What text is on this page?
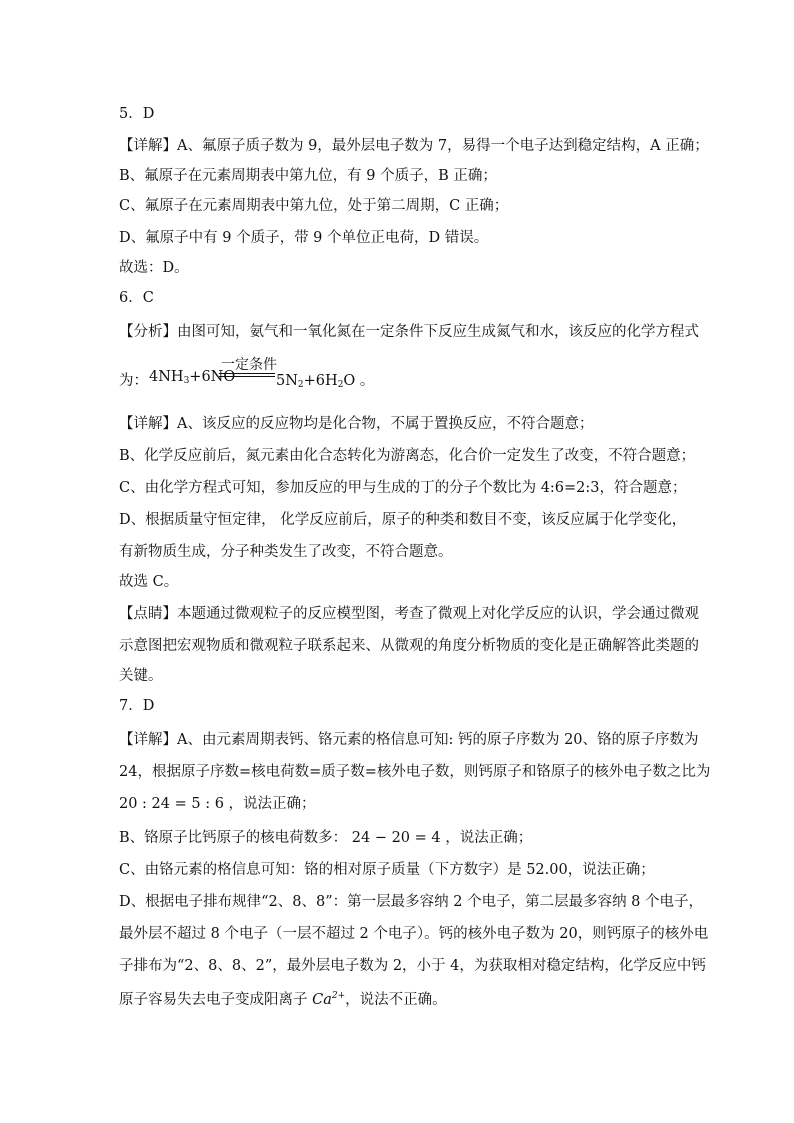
5．D
【详解】A、氟原子质子数为 9，最外层电子数为 7，易得一个电子达到稳定结构，A 正确；
B、氟原子在元素周期表中第九位，有 9 个质子，B 正确；
C、氟原子在元素周期表中第九位，处于第二周期，C 正确；
D、氟原子中有 9 个质子，带 9 个单位正电荷，D 错误。
故选：D。
6．C
【分析】由图可知，氨气和一氧化氮在一定条件下反应生成氮气和水，该反应的化学方程式
【详解】A、该反应的反应物均是化合物，不属于置换反应，不符合题意；
B、化学反应前后，氮元素由化合态转化为游离态，化合价一定发生了改变，不符合题意；
C、由化学方程式可知，参加反应的甲与生成的丁的分子个数比为 4:6=2:3，符合题意；
D、根据质量守恒定律， 化学反应前后，原子的种类和数目不变，该反应属于化学变化，
有新物质生成，分子种类发生了改变，不符合题意。
故选 C。
【点睛】本题通过微观粒子的反应模型图，考查了微观上对化学反应的认识，学会通过微观
示意图把宏观物质和微观粒子联系起来、从微观的角度分析物质的变化是正确解答此类题的
关键。
7．D
【详解】A、由元素周期表钙、铬元素的格信息可知: 钙的原子序数为 20、铬的原子序数为
24，根据原子序数=核电荷数=质子数=核外电子数，则钙原子和铬原子的核外电子数之比为
20 : 24 = 5 : 6 ，说法正确；
B、铬原子比钙原子的核电荷数多： 24 − 20 = 4 ，说法正确；
C、由铬元素的格信息可知：铬的相对原子质量（下方数字）是 52.00，说法正确；
D、根据电子排布规律“2、8、8”：第一层最多容纳 2 个电子，第二层最多容纳 8 个电子，
最外层不超过 8 个电子（一层不超过 2 个电子）。钙的核外电子数为 20，则钙原子的核外电
子排布为“2、8、8、2”，最外层电子数为 2，小于 4，为获取相对稳定结构，化学反应中钙
为： $4NH_3+6NO$
一定条件
$5N_2+6H_2O$ 。
原子容易失去电子变成阳离子 $Ca^{2+}$，说法不正确。
